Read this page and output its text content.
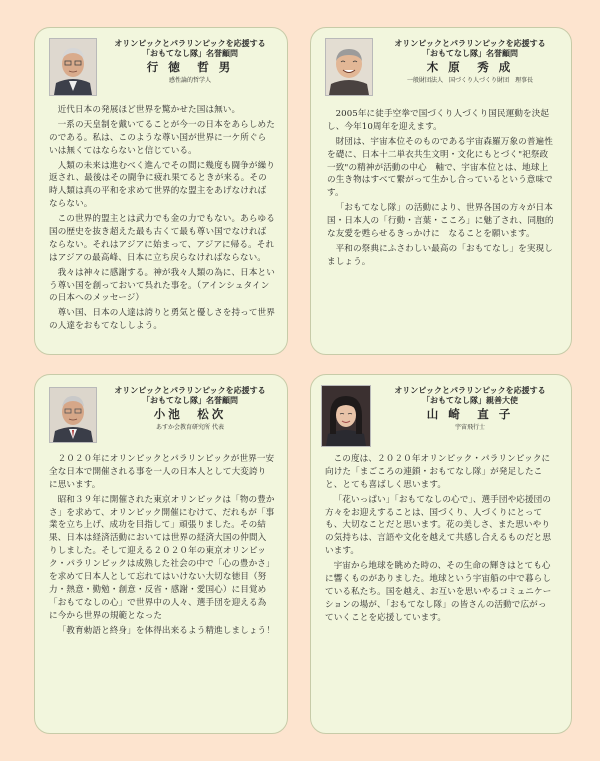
オリンピックとパラリンピックを応援する
「おもてなし隊」名誉顧問
行 徳　哲 男
感性論的哲学人

近代日本の発展ほど世界を驚かせた国は無い。

一系の天皇制を戴いてることが今一の日本をあらしめたのである。私は、このような尊い国が世界に一ケ所ぐらいは無くてはならないと信じている。

人類の未来は進むべく進んでその間に幾度も闘争が繰り返され、最後はその闘争に疲れ果てるときが来る。その時人類は真の平和を求めて世界的な盟主をあげなければならない。

この世界的盟主とは武力でも金の力でもない。あらゆる国の歴史を抜き超えた最も古くて最も尊い国でなければならない。それはアジアに始まって、アジアに帰る。それはアジアの最高峰、日本に立ち戻らなければならない。

我々は神々に感謝する。神が我々人類の為に、日本という尊い国を創っておいて呉れた事を。（アインシュタインの日本へのメッセージ）

尊い国、日本の人達は誇りと勇気と優しさを持って世界の人達をおもてなししよう。

オリンピックとパラリンピックを応援する
「おもてなし隊」名誉顧問
木 原　秀 成
一般財団法人　国づくり人づくり財団　理事長

2005年に徒手空拳で国づくり人づくり国民運動を決起し、今年10周年を迎えます。

財団は、宇宙本位そのものである宇宙森羅万象の普遍性を礎に、日本十二単衣共生文明・文化にもとづく"祀祭政一致"の精神が活動の中心　軸で、宇宙本位とは、地球上の生き物はすべて繋がって生かし合っているという意味です。

「おもてなし隊」の活動により、世界各国の方々が日本国・日本人の「行動・言葉・こころ」に魅了され、同胞的な友愛を甦らせるきっかけに　なることを願います。

平和の祭典にふさわしい最高の「おもてなし」を実現しましょう。

オリンピックとパラリンピックを応援する
「おもてなし隊」名誉顧問
小池　松次
あすか会教育研究所 代表

２０２０年にオリンピックとパラリンピックが世界一安全な日本で開催される事を一人の日本人として大変誇りに思います。

昭和３９年に開催された東京オリンピックは「物の豊かさ」を求めて、オリンピック開催にむけて、だれもが「事業を立ち上げ、成功を目指して」頑張りました。その結果、日本は経済活動においては世界の経済大国の仲間入りしました。そして迎える２０２０年の東京オリンピック・パラリンピックは成熟した社会の中で「心の豊かさ」を求めて日本人として忘れてはいけない大切な徳目（努力・熱意・勤勉・創意・反省・感謝・愛国心）に目覚め「おもてなしの心」で世界中の人々、選手団を迎える為に今から世界の規範となった

「教育勅語と終身」を体得出来るよう精進しましょう！

オリンピックとパラリンピックを応援する
「おもてなし隊」親善大使
山 崎　直 子
宇宙飛行士

この度は、２０２０年オリンピック・パラリンピックに向けた「まごころの連鎖・おもてなし隊」が発足したこと、とても喜ばしく思います。

「花いっぱい」「おもてなしの心で」、選手団や応援団の方々をお迎えすることは、国づくり、人づくりにとっても、大切なことだと思います。花の美しさ、また思いやりの気持ちは、言語や文化を越えて共感し合えるものだと思います。

宇宙から地球を眺めた時の、その生命の輝きはとても心に響くものがありました。地球という宇宙船の中で暮らしている私たち。国を越え、お互いを思いやるコミュニケーションの場が、「おもてなし隊」の皆さんの活動で広がっていくことを応援しています。
